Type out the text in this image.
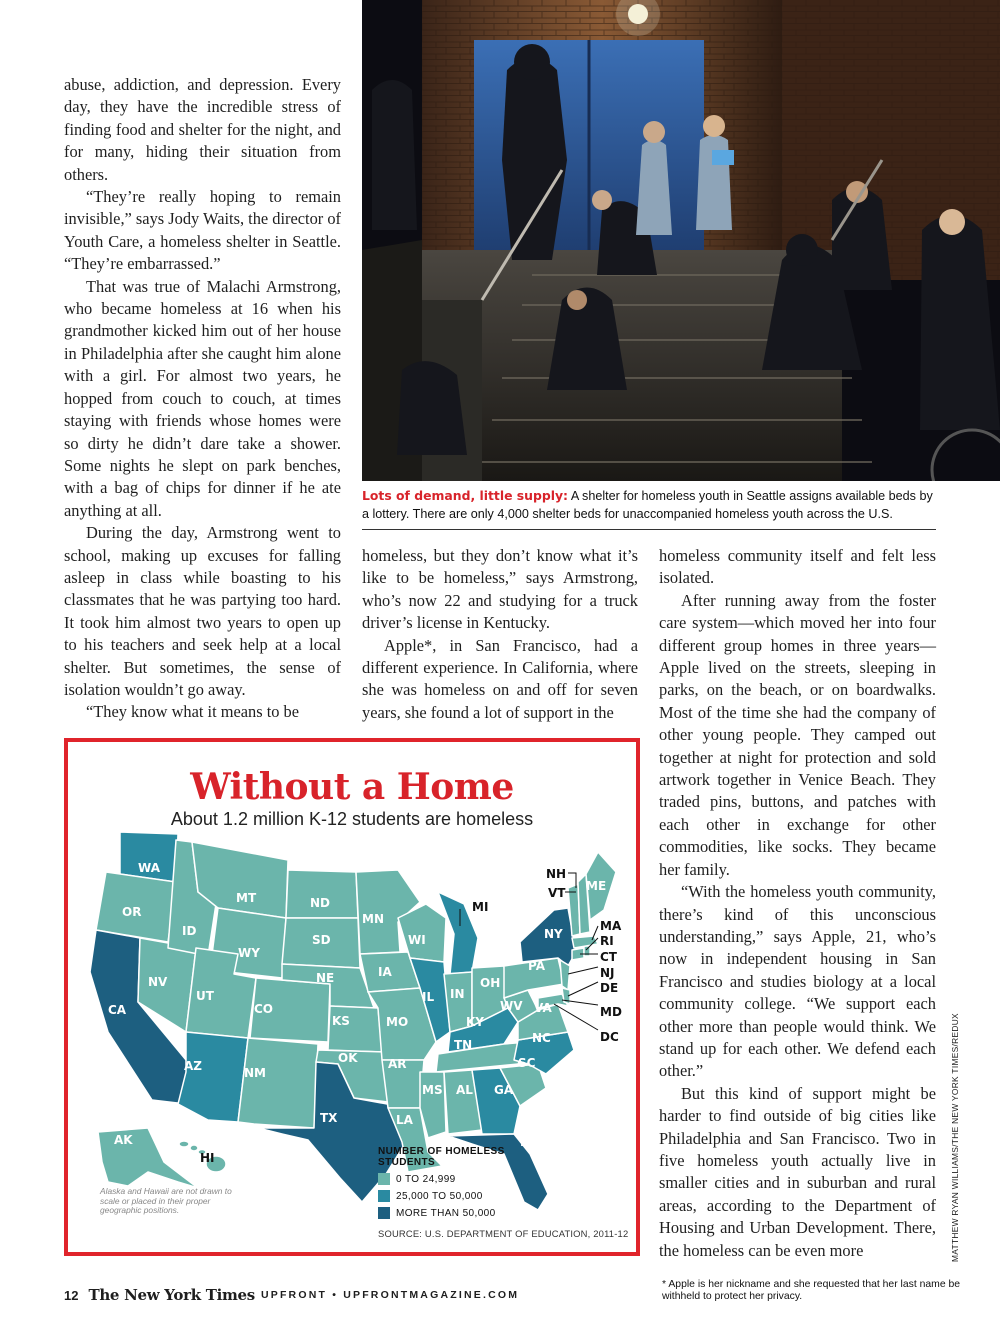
abuse, addiction, and depression. Every day, they have the incredible stress of finding food and shelter for the night, and for many, hiding their situation from others.

“They’re really hoping to remain invisible,” says Jody Waits, the director of Youth Care, a homeless shelter in Seattle. “They’re embarrassed.”

That was true of Malachi Armstrong, who became homeless at 16 when his grandmother kicked him out of her house in Philadelphia after she caught him alone with a girl. For almost two years, he hopped from couch to couch, at times staying with friends whose homes were so dirty he didn’t dare take a shower. Some nights he slept on park benches, with a bag of chips for dinner if he ate anything at all.

During the day, Armstrong went to school, making up excuses for falling asleep in class while boasting to his classmates that he was partying too hard. It took him almost two years to open up to his teachers and seek help at a local shelter. But sometimes, the sense of isolation wouldn’t go away.

“They know what it means to be

Lots of demand, little supply: A shelter for homeless youth in Seattle assigns available beds by a lottery. There are only 4,000 shelter beds for unaccompanied homeless youth across the U.S.

homeless, but they don’t know what it’s like to be homeless,” says Armstrong, who’s now 22 and studying for a truck driver’s license in Kentucky.

Apple*, in San Francisco, had a different experience. In California, where she was homeless on and off for seven years, she found a lot of support in the

homeless community itself and felt less isolated.

After running away from the foster care system—which moved her into four different group homes in three years—Apple lived on the streets, sleeping in parks, on the beach, or on boardwalks. Most of the time she had the company of other young people. They camped out together at night for protection and sold artwork together in Venice Beach. They traded pins, buttons, and patches with each other in exchange for other commodities, like socks. They became her family.

“With the homeless youth community, there’s kind of this unconscious understanding,” says Apple, 21, who’s now in independent housing in San Francisco and studies biology at a local community college. “We support each other more than people would think. We stand up for each other. We defend each other.”

But this kind of support might be harder to find outside of big cities like Philadelphia and San Francisco. Two in five homeless youth actually live in smaller cities and in suburban and rural areas, according to the Department of Housing and Urban Development. There, the homeless can be even more	MATTHEW RYAN WILLIAMS/THE NEW YORK TIMES/REDUX
Without a Home
About 1.2 million K-12 students are homeless
WA
OR
CA
NV
ID
MT
WY
UT
AZ
CO
NM
ND
SD
NE
KS
OK
TX
MN
IA
MO
AR
LA
WI
IL
MI
IN
OH
KY
TN
MS AL GA
FL
SC
NC
VA
WV
PA
NY
NH
VT ME
MA
RI
CT
NJ
DE
MD
DC
AK
HI
Alaska and Hawaii are not drawn to scale or placed in their proper geographic positions.
NUMBER OF HOMELESS STUDENTS
0 TO 24,999
25,000 TO 50,000
MORE THAN 50,000
SOURCE: U.S. DEPARTMENT OF EDUCATION, 2011-12
12 The New York Times UPFRONT • UPFRONTMAGAZINE.COM
* Apple is her nickname and she requested that her last name be withheld to protect her privacy.
